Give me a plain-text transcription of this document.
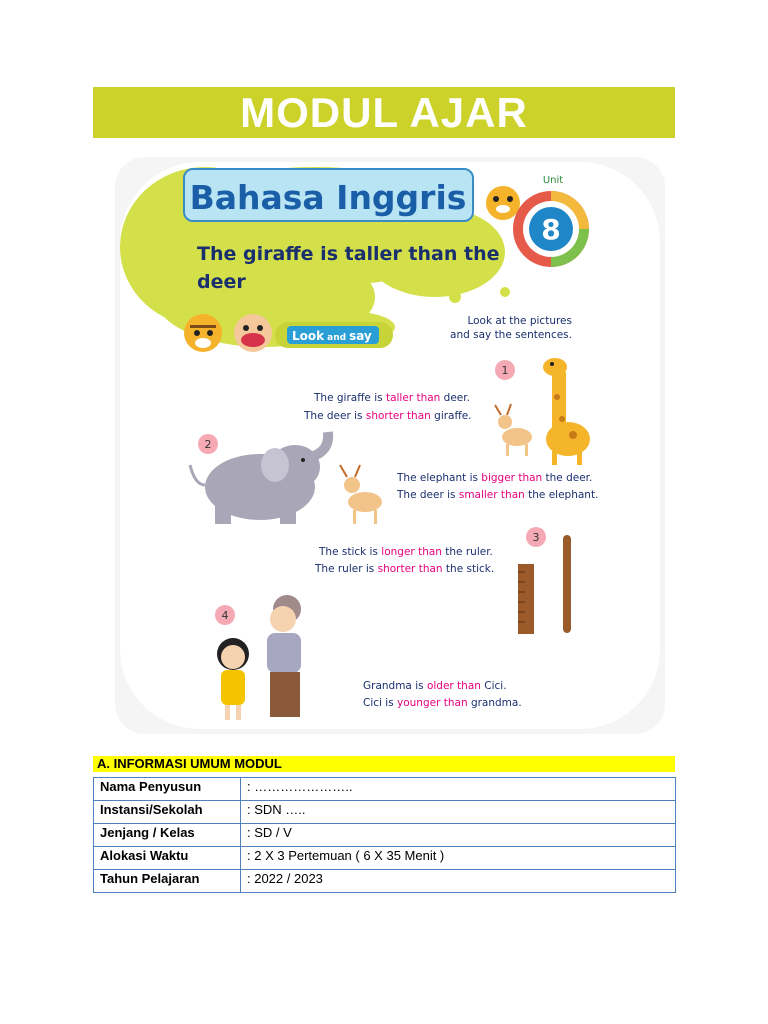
MODUL AJAR
Bahasa Inggris	Unit
8
The giraffe is taller than the
deer
Look and say
Look at the pictures
and say the sentences.
1
2
3
4
The giraffe is taller than deer.
The deer is shorter than giraffe.
The elephant is bigger than the deer.
The deer is smaller than the elephant.
The stick is longer than the ruler.
The ruler is shorter than the stick.
Grandma is older than Cici.
Cici is younger than grandma.
A. INFORMASI UMUM MODUL
Nama Penyusun	: …………………..
Instansi/Sekolah	: SDN …..
Jenjang / Kelas	: SD / V
Alokasi Waktu	: 2 X 3 Pertemuan ( 6 X 35 Menit )
Tahun Pelajaran	: 2022 / 2023
